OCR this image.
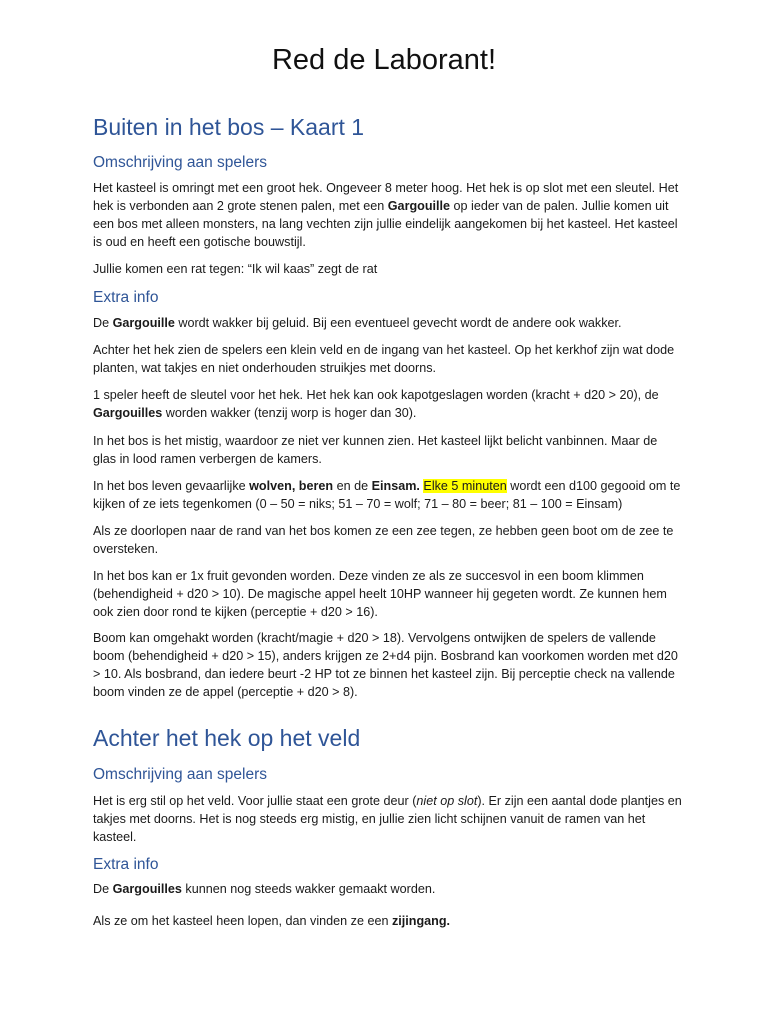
Red de Laborant!
Buiten in het bos – Kaart 1
Omschrijving aan spelers

Het kasteel is omringt met een groot hek. Ongeveer 8 meter hoog. Het hek is op slot met een sleutel. Het hek is verbonden aan 2 grote stenen palen, met een Gargouille op ieder van de palen. Jullie komen uit een bos met alleen monsters, na lang vechten zijn jullie eindelijk aangekomen bij het kasteel. Het kasteel is oud en heeft een gotische bouwstijl.

Jullie komen een rat tegen: “Ik wil kaas” zegt de rat

Extra info

De Gargouille wordt wakker bij geluid. Bij een eventueel gevecht wordt de andere ook wakker.

Achter het hek zien de spelers een klein veld en de ingang van het kasteel. Op het kerkhof zijn wat dode planten, wat takjes en niet onderhouden struikjes met doorns.

1 speler heeft de sleutel voor het hek. Het hek kan ook kapotgeslagen worden (kracht + d20 > 20), de Gargouilles worden wakker (tenzij worp is hoger dan 30).

In het bos is het mistig, waardoor ze niet ver kunnen zien. Het kasteel lijkt belicht vanbinnen. Maar de glas in lood ramen verbergen de kamers.

In het bos leven gevaarlijke wolven, beren en de Einsam. Elke 5 minuten wordt een d100 gegooid om te kijken of ze iets tegenkomen (0 – 50 = niks; 51 – 70 = wolf; 71 – 80 = beer; 81 – 100 = Einsam)

Als ze doorlopen naar de rand van het bos komen ze een zee tegen, ze hebben geen boot om de zee te oversteken.

In het bos kan er 1x fruit gevonden worden. Deze vinden ze als ze succesvol in een boom klimmen (behendigheid + d20 > 10). De magische appel heelt 10HP wanneer hij gegeten wordt. Ze kunnen hem ook zien door rond te kijken (perceptie + d20 > 16).

Boom kan omgehakt worden (kracht/magie + d20 > 18). Vervolgens ontwijken de spelers de vallende boom (behendigheid + d20 > 15), anders krijgen ze 2+d4 pijn. Bosbrand kan voorkomen worden met d20 > 10. Als bosbrand, dan iedere beurt -2 HP tot ze binnen het kasteel zijn. Bij perceptie check na vallende boom vinden ze de appel (perceptie + d20 > 8).

Achter het hek op het veld
Omschrijving aan spelers

Het is erg stil op het veld. Voor jullie staat een grote deur (niet op slot). Er zijn een aantal dode plantjes en takjes met doorns. Het is nog steeds erg mistig, en jullie zien licht schijnen vanuit de ramen van het kasteel.

Extra info

De Gargouilles kunnen nog steeds wakker gemaakt worden.

Als ze om het kasteel heen lopen, dan vinden ze een zijingang.
